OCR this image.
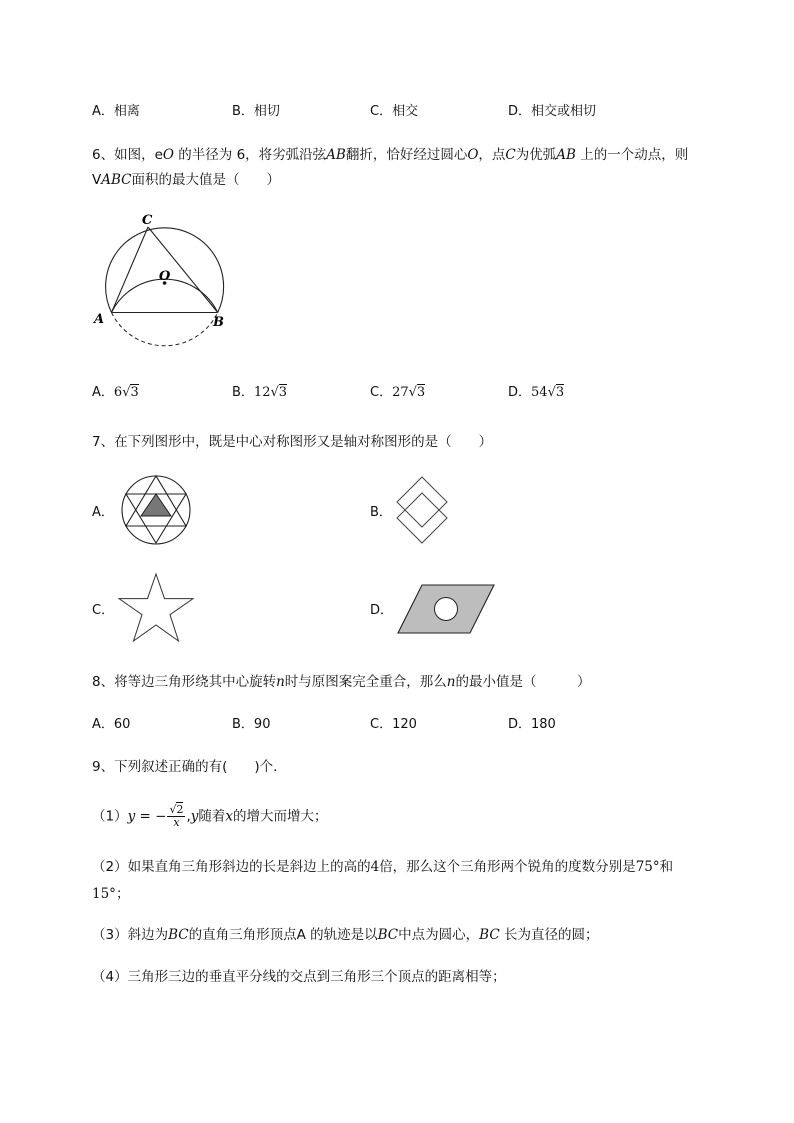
A．相离	B．相切	C．相交	D．相交或相切
6、如图，eO 的半径为 6，将劣弧沿弦AB翻折，恰好经过圆心O，点C为优弧AB 上的一个动点，则
VABC面积的最大值是（　　）
C
O
A	B
A．6√3	B．12√3	C．27√3	D．54√3
7、在下列图形中，既是中心对称图形又是轴对称图形的是（　　）
A．	B．
C．	D．
8、将等边三角形绕其中心旋转n时与原图案完全重合，那么n的最小值是（　　　）
A．60	B．90	C．120	D．180
9、下列叙述正确的有(　　)个.
（1）y = − $\frac{√2}{x} ,y$随着x的增大而增大；
（2）如果直角三角形斜边的长是斜边上的高的4倍，那么这个三角形两个锐角的度数分别是75°和
15°；
（3）斜边为BC的直角三角形顶点A 的轨迹是以BC中点为圆心，BC 长为直径的圆；
（4）三角形三边的垂直平分线的交点到三角形三个顶点的距离相等；
